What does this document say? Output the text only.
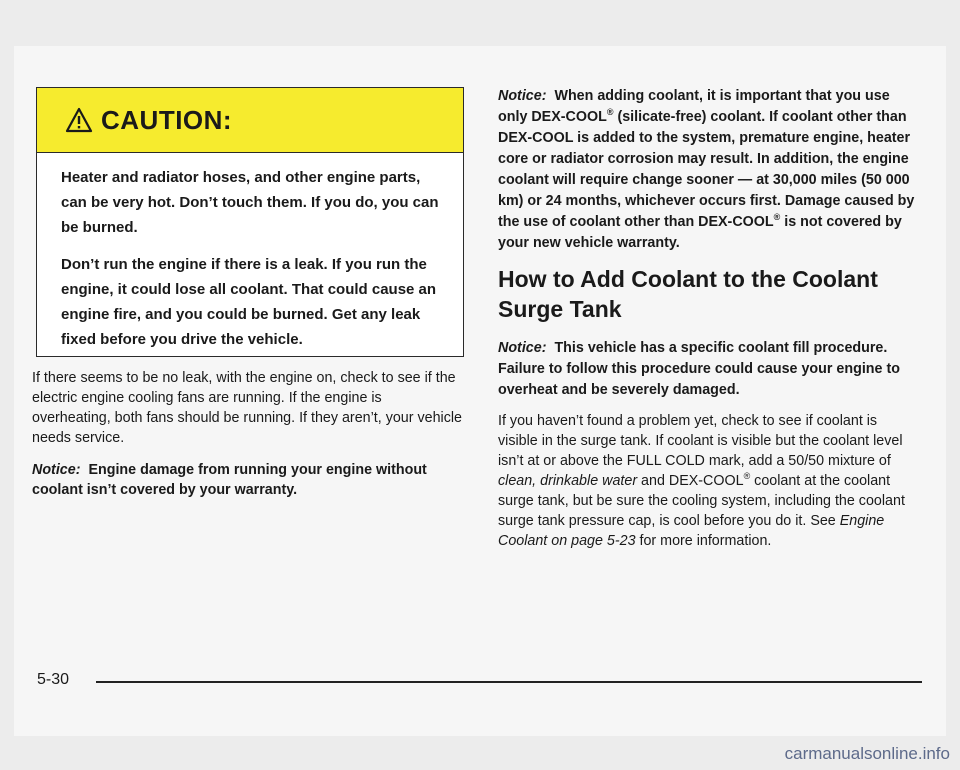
CAUTION:

Heater and radiator hoses, and other engine parts, can be very hot. Don’t touch them. If you do, you can be burned.

Don’t run the engine if there is a leak. If you run the engine, it could lose all coolant. That could cause an engine fire, and you could be burned. Get any leak fixed before you drive the vehicle.

If there seems to be no leak, with the engine on, check to see if the electric engine cooling fans are running. If the engine is overheating, both fans should be running. If they aren’t, your vehicle needs service.

Notice: Engine damage from running your engine without coolant isn’t covered by your warranty.

Notice: When adding coolant, it is important that you use only DEX-COOL® (silicate-free) coolant. If coolant other than DEX-COOL is added to the system, premature engine, heater core or radiator corrosion may result. In addition, the engine coolant will require change sooner — at 30,000 miles (50 000 km) or 24 months, whichever occurs first. Damage caused by the use of coolant other than DEX-COOL® is not covered by your new vehicle warranty.

How to Add Coolant to the Coolant Surge Tank

Notice: This vehicle has a specific coolant fill procedure. Failure to follow this procedure could cause your engine to overheat and be severely damaged.

If you haven’t found a problem yet, check to see if coolant is visible in the surge tank. If coolant is visible but the coolant level isn’t at or above the FULL COLD mark, add a 50/50 mixture of clean, drinkable water and DEX-COOL® coolant at the coolant surge tank, but be sure the cooling system, including the coolant surge tank pressure cap, is cool before you do it. See Engine Coolant on page 5-23 for more information.

5-30
carmanualsonline.info
